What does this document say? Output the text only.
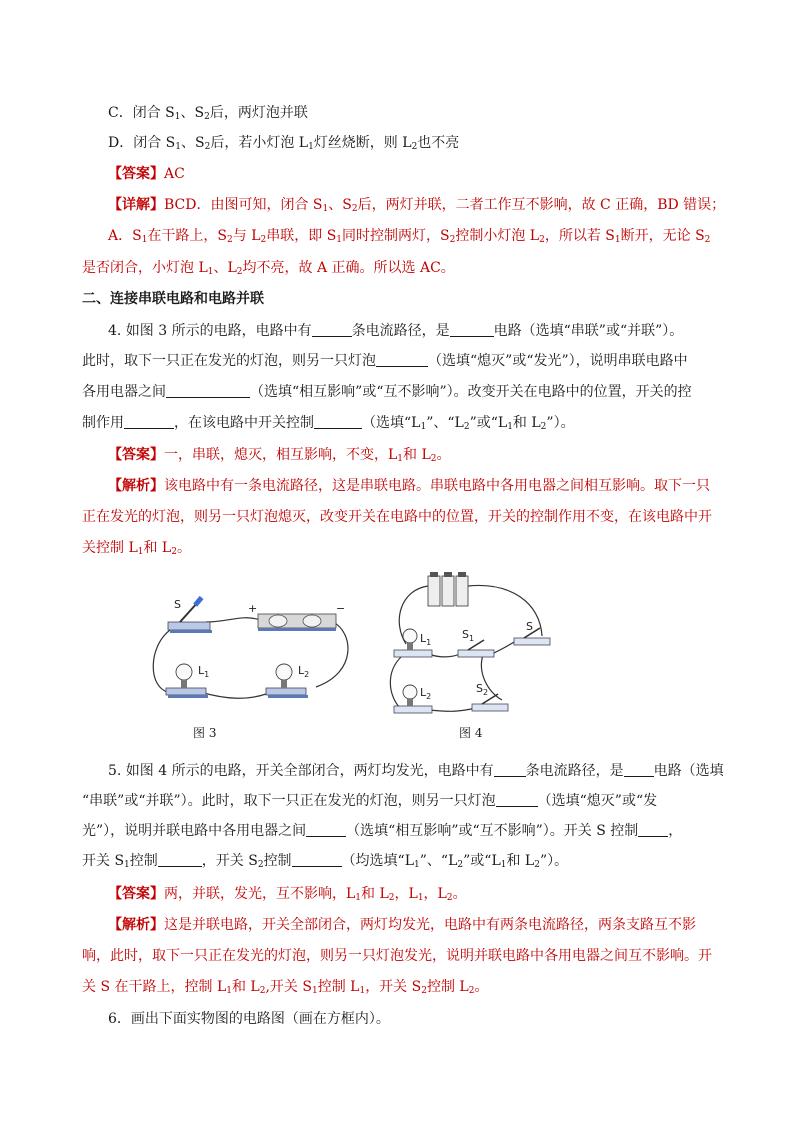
C．闭合 $S_1$、$S_2$后，两灯泡并联
D．闭合 $S_1$、$S_2$后，若小灯泡 $L_1$灯丝烧断，则 $L_2$也不亮
【答案】AC
【详解】BCD．由图可知，闭合 $S_1$、$S_2$后，两灯并联，二者工作互不影响，故 C 正确，BD 错误；
A．$S_1$在干路上，$S_2$与 $L_2$串联，即 $S_1$同时控制两灯，$S_2$控制小灯泡 $L_2$，所以若 $S_1$断开，无论 $S_2$
是否闭合，小灯泡 $L_1$、$L_2$均不亮，故 A 正确。所以选 AC。
二、连接串联电路和电路并联
4. 如图 3 所示的电路，电路中有	条电流路径，是	电路（选填“串联”或“并联”）。
此时，取下一只正在发光的灯泡，则另一只灯泡	（选填“熄灭”或“发光”），说明串联电路中
各用电器之间	（选填“相互影响”或“互不影响”）。改变开关在电路中的位置，开关的控
制作用	，在该电路中开关控制	（选填“$L_1$”、“$L_2$”或“$L_1$和 $L_2$”）。
【答案】一，串联，熄灭，相互影响，不变，$L_1$和 $L_2$。
【解析】该电路中有一条电流路径，这是串联电路。串联电路中各用电器之间相互影响。取下一只
正在发光的灯泡，则另一只灯泡熄灭，改变开关在电路中的位置，开关的控制作用不变，在该电路中开
关控制 $L_1$和 $L_2$。
S	+	−
$L_1$	$L_2$
图 3
$L_1$
$S_1$
S
$L_2$
$S_2$
图 4
5. 如图 4 所示的电路，开关全部闭合，两灯均发光，电路中有 条电流路径，是 电路（选填
“串联”或“并联”）。此时，取下一只正在发光的灯泡，则另一只灯泡	（选填“熄灭”或“发
光”），说明并联电路中各用电器之间	（选填“相互影响”或“互不影响”）。开关 S 控制 ，
开关 $S_1$控制	，开关 $S_2$控制	（均选填“$L_1$”、“$L_2$”或“$L_1$和 $L_2$”）。
【答案】两，并联，发光，互不影响，$L_1$和 $L_2$，$L_1$，$L_2$。
【解析】这是并联电路，开关全部闭合，两灯均发光，电路中有两条电流路径，两条支路互不影
响，此时，取下一只正在发光的灯泡，则另一只灯泡发光，说明并联电路中各用电器之间互不影响。开
关 S 在干路上，控制 $L_1$和 $L_2$,开关 $S_1$控制 $L_1$，开关 $S_2$控制 $L_2$。
6．画出下面实物图的电路图（画在方框内）。
